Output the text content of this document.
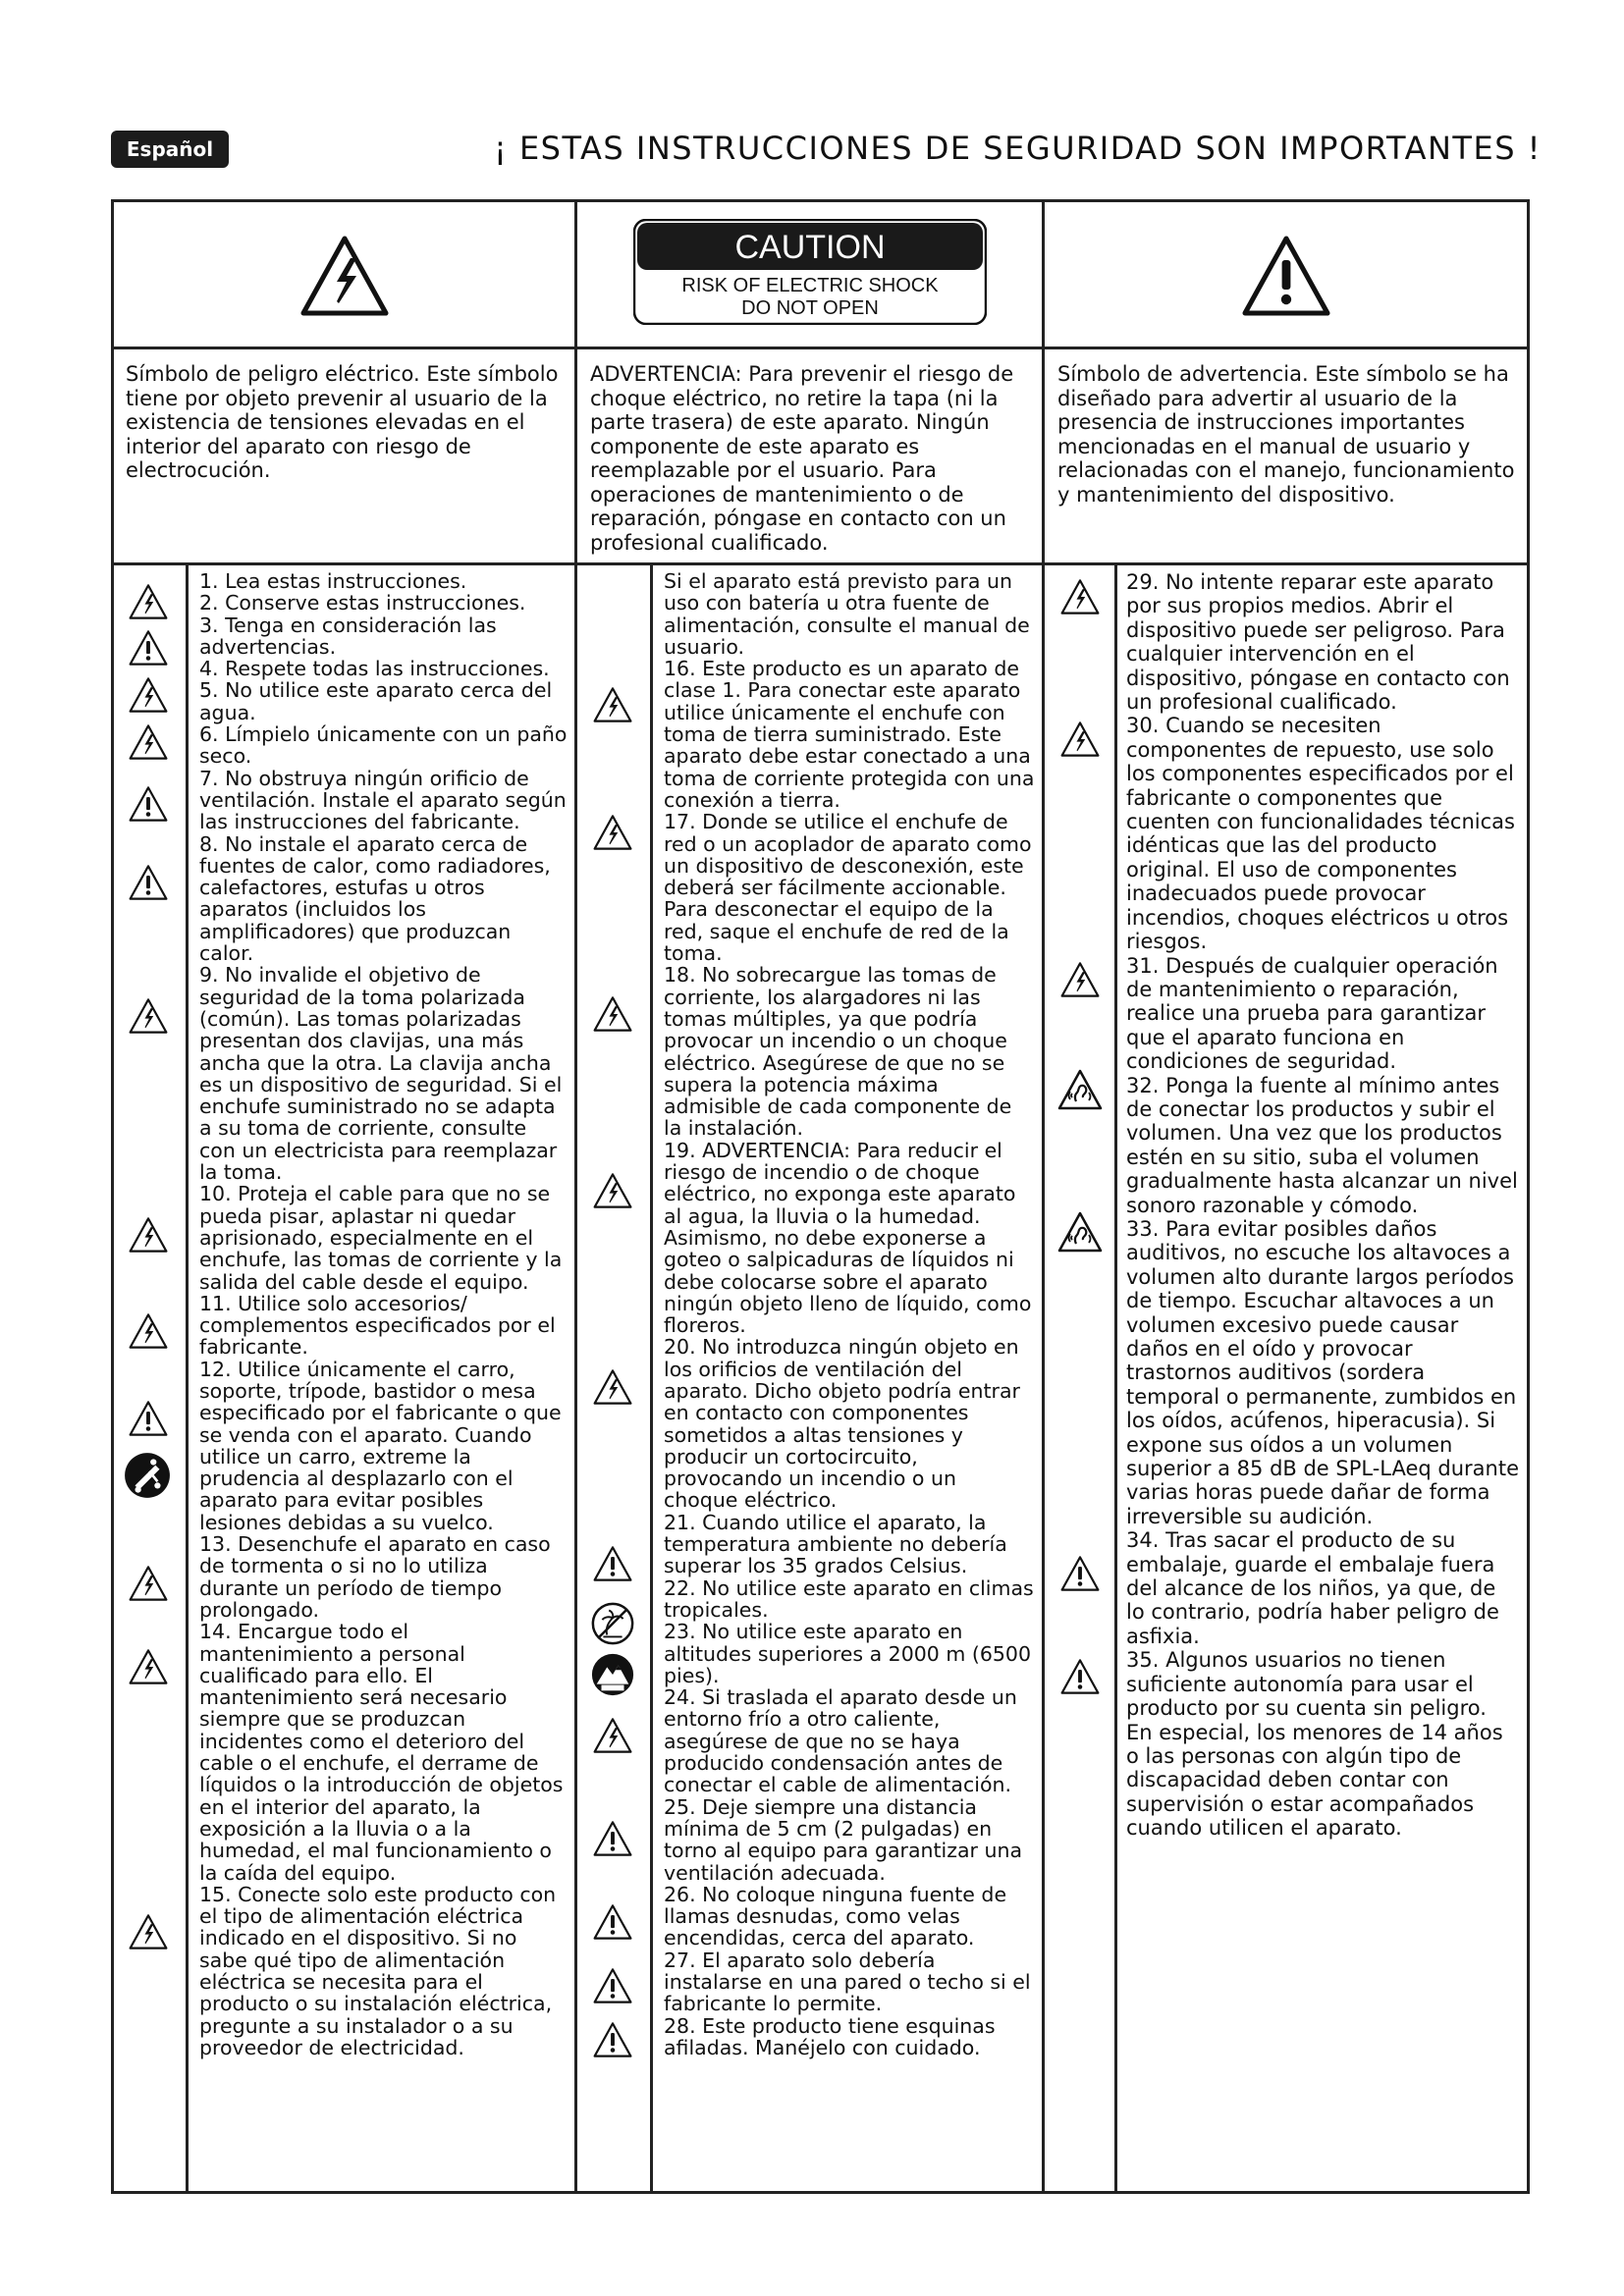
Español	¡ ESTAS INSTRUCCIONES DE SEGURIDAD SON IMPORTANTES !
CAUTION
RISK OF ELECTRIC SHOCK
DO NOT OPEN
Símbolo de peligro eléctrico. Este símbolo tiene por objeto prevenir al usuario de la existencia de tensiones elevadas en el interior del aparato con riesgo de electrocución.
ADVERTENCIA: Para prevenir el riesgo de choque eléctrico, no retire la tapa (ni la parte trasera) de este aparato. Ningún componente de este aparato es reemplazable por el usuario. Para operaciones de mantenimiento o de reparación, póngase en contacto con un profesional cualificado.
Símbolo de advertencia. Este símbolo se ha diseñado para advertir al usuario de la presencia de instrucciones importantes mencionadas en el manual de usuario y relacionadas con el manejo, funcionamiento y mantenimiento del dispositivo.

1. Lea estas instrucciones.

2. Conserve estas instrucciones.

3. Tenga en consideración las advertencias.

4. Respete todas las instrucciones.

5. No utilice este aparato cerca del agua.

6. Límpielo únicamente con un paño seco.

7. No obstruya ningún orificio de ventilación. Instale el aparato según las instrucciones del fabricante.

8. No instale el aparato cerca de fuentes de calor, como radiadores, calefactores, estufas u otros aparatos (incluidos los amplificadores) que produzcan calor.

9. No invalide el objetivo de seguridad de la toma polarizada (común). Las tomas polarizadas presentan dos clavijas, una más ancha que la otra. La clavija ancha es un dispositivo de seguridad. Si el enchufe suministrado no se adapta a su toma de corriente, consulte con un electricista para reemplazar la toma.

10. Proteja el cable para que no se pueda pisar, aplastar ni quedar aprisionado, especialmente en el enchufe, las tomas de corriente y la salida del cable desde el equipo.

11. Utilice solo accesorios/ complementos especificados por el fabricante.

12. Utilice únicamente el carro, soporte, trípode, bastidor o mesa especificado por el fabricante o que se venda con el aparato. Cuando utilice un carro, extreme la prudencia al desplazarlo con el aparato para evitar posibles lesiones debidas a su vuelco.

13. Desenchufe el aparato en caso de tormenta o si no lo utiliza durante un período de tiempo prolongado.

14. Encargue todo el mantenimiento a personal cualificado para ello. El mantenimiento será necesario siempre que se produzcan incidentes como el deterioro del cable o el enchufe, el derrame de líquidos o la introducción de objetos en el interior del aparato, la exposición a la lluvia o a la humedad, el mal funcionamiento o la caída del equipo.

15. Conecte solo este producto con el tipo de alimentación eléctrica indicado en el dispositivo. Si no sabe qué tipo de alimentación eléctrica se necesita para el producto o su instalación eléctrica, pregunte a su instalador o a su proveedor de electricidad.

Si el aparato está previsto para un uso con batería u otra fuente de alimentación, consulte el manual de usuario.

16. Este producto es un aparato de clase 1. Para conectar este aparato utilice únicamente el enchufe con toma de tierra suministrado. Este aparato debe estar conectado a una toma de corriente protegida con una conexión a tierra.

17. Donde se utilice el enchufe de red o un acoplador de aparato como un dispositivo de desconexión, este deberá ser fácilmente accionable. Para desconectar el equipo de la red, saque el enchufe de red de la toma.

18. No sobrecargue las tomas de corriente, los alargadores ni las tomas múltiples, ya que podría provocar un incendio o un choque eléctrico. Asegúrese de que no se supera la potencia máxima admisible de cada componente de la instalación.

19. ADVERTENCIA: Para reducir el riesgo de incendio o de choque eléctrico, no exponga este aparato al agua, la lluvia o la humedad. Asimismo, no debe exponerse a goteo o salpicaduras de líquidos ni debe colocarse sobre el aparato ningún objeto lleno de líquido, como floreros.

20. No introduzca ningún objeto en los orificios de ventilación del aparato. Dicho objeto podría entrar en contacto con componentes sometidos a altas tensiones y producir un cortocircuito, provocando un incendio o un choque eléctrico.

21. Cuando utilice el aparato, la temperatura ambiente no debería superar los 35 grados Celsius.

22. No utilice este aparato en climas tropicales.

23. No utilice este aparato en altitudes superiores a 2000 m (6500 pies).

24. Si traslada el aparato desde un entorno frío a otro caliente, asegúrese de que no se haya producido condensación antes de conectar el cable de alimentación.

25. Deje siempre una distancia mínima de 5 cm (2 pulgadas) en torno al equipo para garantizar una ventilación adecuada.

26. No coloque ninguna fuente de llamas desnudas, como velas encendidas, cerca del aparato.

27. El aparato solo debería instalarse en una pared o techo si el fabricante lo permite.

28. Este producto tiene esquinas afiladas. Manéjelo con cuidado.

29. No intente reparar este aparato por sus propios medios. Abrir el dispositivo puede ser peligroso. Para cualquier intervención en el dispositivo, póngase en contacto con un profesional cualificado.

30. Cuando se necesiten componentes de repuesto, use solo los componentes especificados por el fabricante o componentes que cuenten con funcionalidades técnicas idénticas que las del producto original. El uso de componentes inadecuados puede provocar incendios, choques eléctricos u otros riesgos.

31. Después de cualquier operación de mantenimiento o reparación, realice una prueba para garantizar que el aparato funciona en condiciones de seguridad.

32. Ponga la fuente al mínimo antes de conectar los productos y subir el volumen. Una vez que los productos estén en su sitio, suba el volumen gradualmente hasta alcanzar un nivel sonoro razonable y cómodo.

33. Para evitar posibles daños auditivos, no escuche los altavoces a volumen alto durante largos períodos de tiempo. Escuchar altavoces a un volumen excesivo puede causar daños en el oído y provocar trastornos auditivos (sordera temporal o permanente, zumbidos en los oídos, acúfenos, hiperacusia). Si expone sus oídos a un volumen superior a 85 dB de SPL-LAeq durante varias horas puede dañar de forma irreversible su audición.

34. Tras sacar el producto de su embalaje, guarde el embalaje fuera del alcance de los niños, ya que, de lo contrario, podría haber peligro de asfixia.

35. Algunos usuarios no tienen suficiente autonomía para usar el producto por su cuenta sin peligro. En especial, los menores de 14 años o las personas con algún tipo de discapacidad deben contar con supervisión o estar acompañados cuando utilicen el aparato.
